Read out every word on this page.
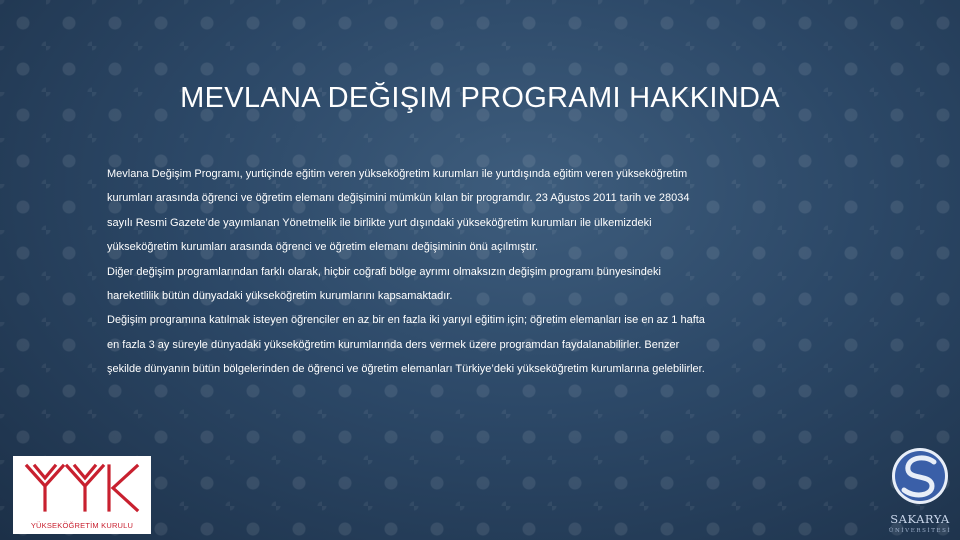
MEVLANA DEĞIŞIM PROGRAMI HAKKINDA

Mevlana Değişim Programı, yurtiçinde eğitim veren yükseköğretim kurumları ile yurtdışında eğitim veren yükseköğretim kurumları arasında öğrenci ve öğretim elemanı değişimini mümkün kılan bir programdır. 23 Ağustos 2011 tarih ve 28034 sayılı Resmi Gazete’de yayımlanan Yönetmelik ile birlikte yurt dışındaki yükseköğretim kurumları ile ülkemizdeki yükseköğretim kurumları arasında öğrenci ve öğretim elemanı değişiminin önü açılmıştır.

Diğer değişim programlarından farklı olarak, hiçbir coğrafi bölge ayrımı olmaksızın değişim programı bünyesindeki hareketlilik bütün dünyadaki yükseköğretim kurumlarını kapsamaktadır.

Değişim programına katılmak isteyen öğrenciler en az bir en fazla iki yarıyıl eğitim için; öğretim elemanları ise en az 1 hafta en fazla 3 ay süreyle dünyadaki yükseköğretim kurumlarında ders vermek üzere programdan faydalanabilirler. Benzer şekilde dünyanın bütün bölgelerinden de öğrenci ve öğretim elemanları Türkiye’deki yükseköğretim kurumlarına gelebilirler.

YÜKSEKÖĞRETİM KURULU	SAKARYA
ÜNİVERSİTESİ
